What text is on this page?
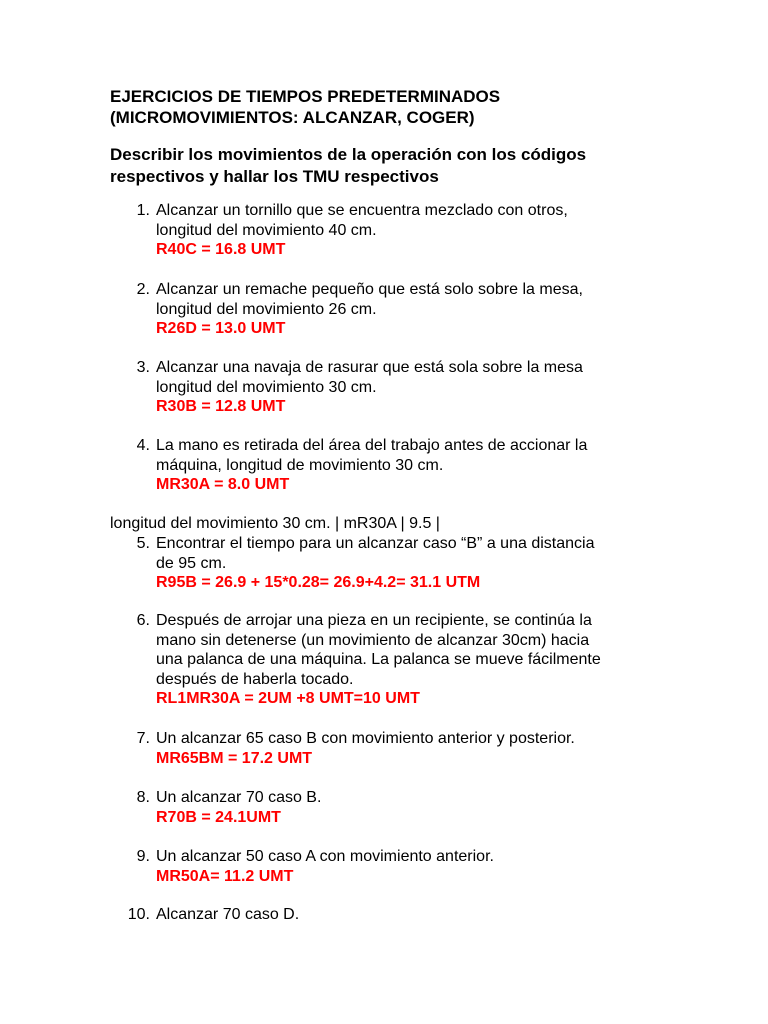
EJERCICIOS DE TIEMPOS PREDETERMINADOS
(MICROMOVIMIENTOS: ALCANZAR, COGER)
Describir los movimientos de la operación con los códigos
respectivos y hallar los TMU respectivos
1. Alcanzar un tornillo que se encuentra mezclado con otros,
longitud del movimiento 40 cm.
R40C = 16.8 UMT
2. Alcanzar un remache pequeño que está solo sobre la mesa,
longitud del movimiento 26 cm.
R26D = 13.0 UMT
3. Alcanzar una navaja de rasurar que está sola sobre la mesa
longitud del movimiento 30 cm.
R30B = 12.8 UMT
4. La mano es retirada del área del trabajo antes de accionar la
máquina, longitud de movimiento 30 cm.
MR30A = 8.0 UMT
longitud del movimiento 30 cm. | mR30A | 9.5 |
5. Encontrar el tiempo para un alcanzar caso “B” a una distancia
de 95 cm.
R95B = 26.9 + 15*0.28= 26.9+4.2= 31.1 UTM
6. Después de arrojar una pieza en un recipiente, se continúa la
mano sin detenerse (un movimiento de alcanzar 30cm) hacia
una palanca de una máquina. La palanca se mueve fácilmente
después de haberla tocado.
RL1MR30A = 2UM +8 UMT=10 UMT
7. Un alcanzar 65 caso B con movimiento anterior y posterior.
MR65BM = 17.2 UMT
8. Un alcanzar 70 caso B.
R70B = 24.1UMT
9. Un alcanzar 50 caso A con movimiento anterior.
MR50A= 11.2 UMT
10. Alcanzar 70 caso D.
